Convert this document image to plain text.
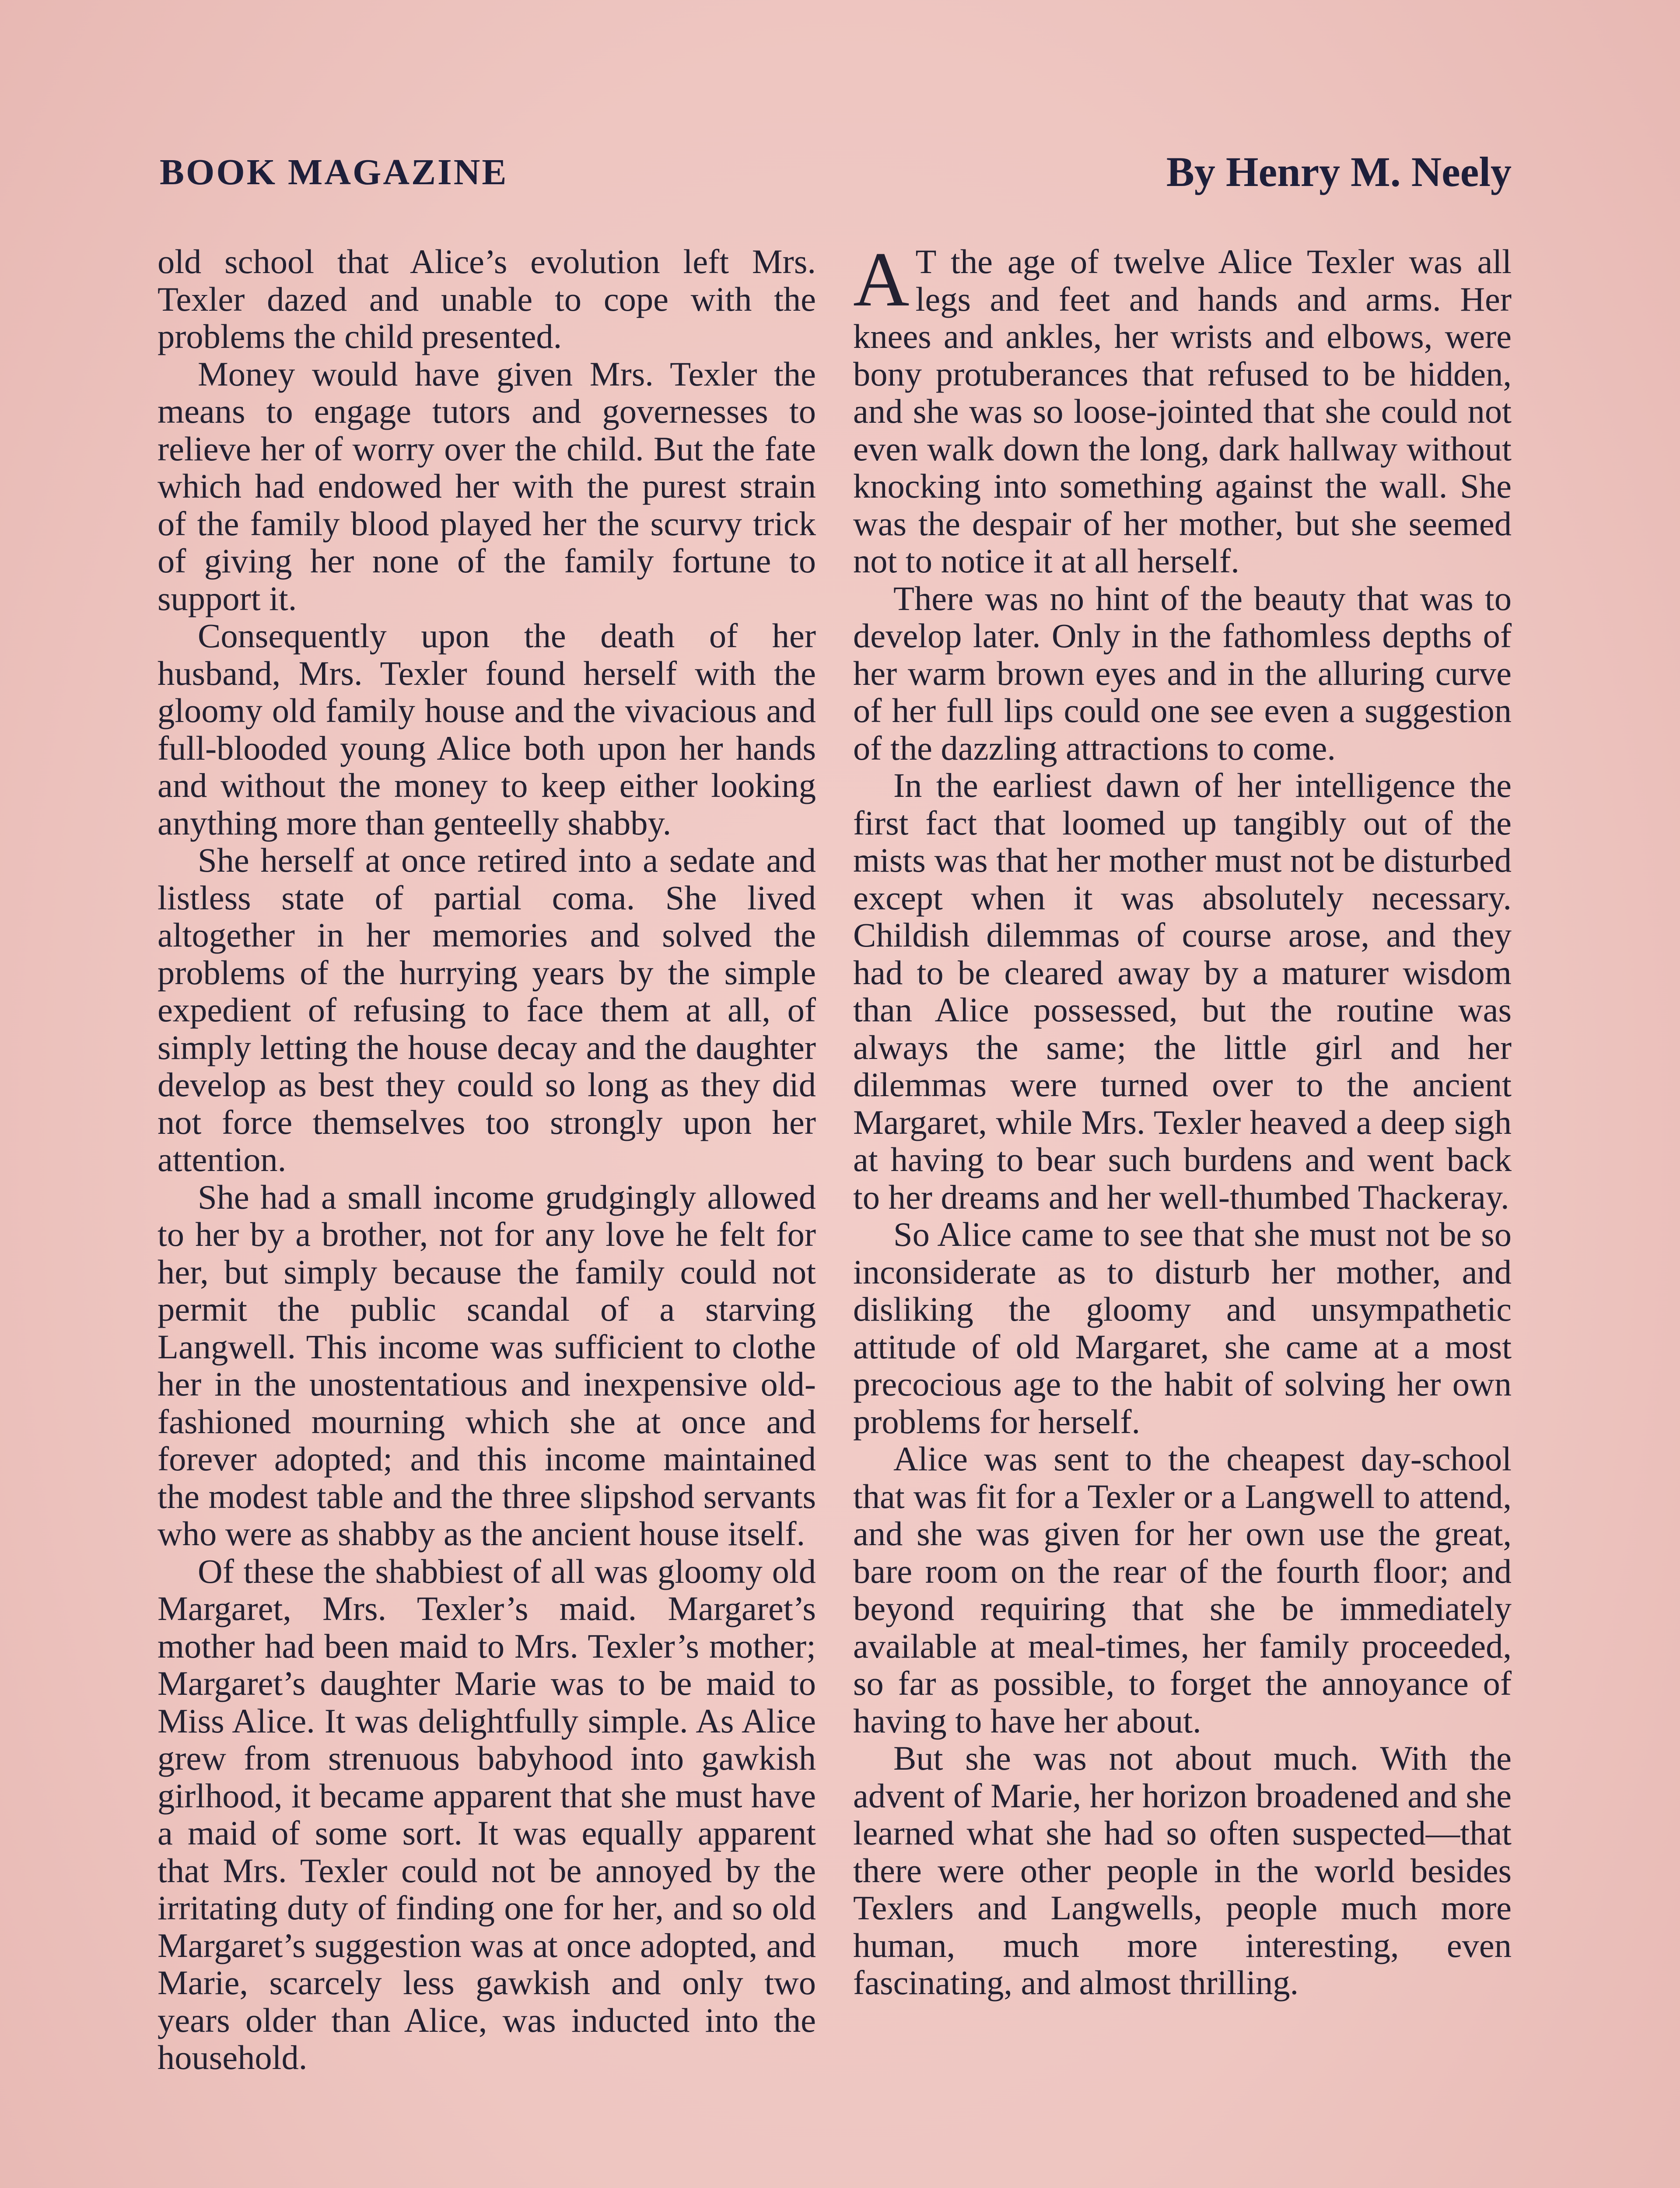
BOOK MAGAZINE	By Henry M. Neely

old school that Alice’s evolution left Mrs. Texler dazed and unable to cope with the problems the child presented.

Money would have given Mrs. Texler the means to engage tutors and governesses to relieve her of worry over the child. But the fate which had endowed her with the purest strain of the family blood played her the scurvy trick of giving her none of the family fortune to support it.

Consequently upon the death of her husband, Mrs. Texler found herself with the gloomy old family house and the vivacious and full-blooded young Alice both upon her hands and without the money to keep either looking anything more than genteelly shabby.

She herself at once retired into a sedate and listless state of partial coma. She lived altogether in her memories and solved the problems of the hurrying years by the simple expedient of refusing to face them at all, of simply letting the house decay and the daughter develop as best they could so long as they did not force themselves too strongly upon her attention.

She had a small income grudgingly allowed to her by a brother, not for any love he felt for her, but simply because the family could not permit the public scandal of a starving Langwell. This income was sufficient to clothe her in the unostentatious and inexpensive old-fashioned mourning which she at once and forever adopted; and this income maintained the modest table and the three slipshod servants who were as shabby as the ancient house itself.

Of these the shabbiest of all was gloomy old Margaret, Mrs. Texler’s maid. Margaret’s mother had been maid to Mrs. Texler’s mother; Margaret’s daughter Marie was to be maid to Miss Alice. It was delightfully simple. As Alice grew from strenuous babyhood into gawkish girlhood, it became apparent that she must have a maid of some sort. It was equally apparent that Mrs. Texler could not be annoyed by the irritating duty of finding one for her, and so old Margaret’s suggestion was at once adopted, and Marie, scarcely less gawkish and only two years older than Alice, was inducted into the household.

AT the age of twelve Alice Texler was all legs and feet and hands and arms. Her knees and ankles, her wrists and elbows, were bony protuberances that refused to be hidden, and she was so loose-jointed that she could not even walk down the long, dark hallway without knocking into something against the wall. She was the despair of her mother, but she seemed not to notice it at all herself.

There was no hint of the beauty that was to develop later. Only in the fathomless depths of her warm brown eyes and in the alluring curve of her full lips could one see even a suggestion of the dazzling attractions to come.

In the earliest dawn of her intelligence the first fact that loomed up tangibly out of the mists was that her mother must not be disturbed except when it was absolutely necessary. Childish dilemmas of course arose, and they had to be cleared away by a maturer wisdom than Alice possessed, but the routine was always the same; the little girl and her dilemmas were turned over to the ancient Margaret, while Mrs. Texler heaved a deep sigh at having to bear such burdens and went back to her dreams and her well-thumbed Thackeray.

So Alice came to see that she must not be so inconsiderate as to disturb her mother, and disliking the gloomy and unsympathetic attitude of old Margaret, she came at a most precocious age to the habit of solving her own problems for herself.

Alice was sent to the cheapest day-school that was fit for a Texler or a Langwell to attend, and she was given for her own use the great, bare room on the rear of the fourth floor; and beyond requiring that she be immediately available at meal-times, her family proceeded, so far as possible, to forget the annoyance of having to have her about.

But she was not about much. With the advent of Marie, her horizon broadened and she learned what she had so often suspected—that there were other people in the world besides Texlers and Langwells, people much more human, much more interesting, even fascinating, and almost thrilling.
